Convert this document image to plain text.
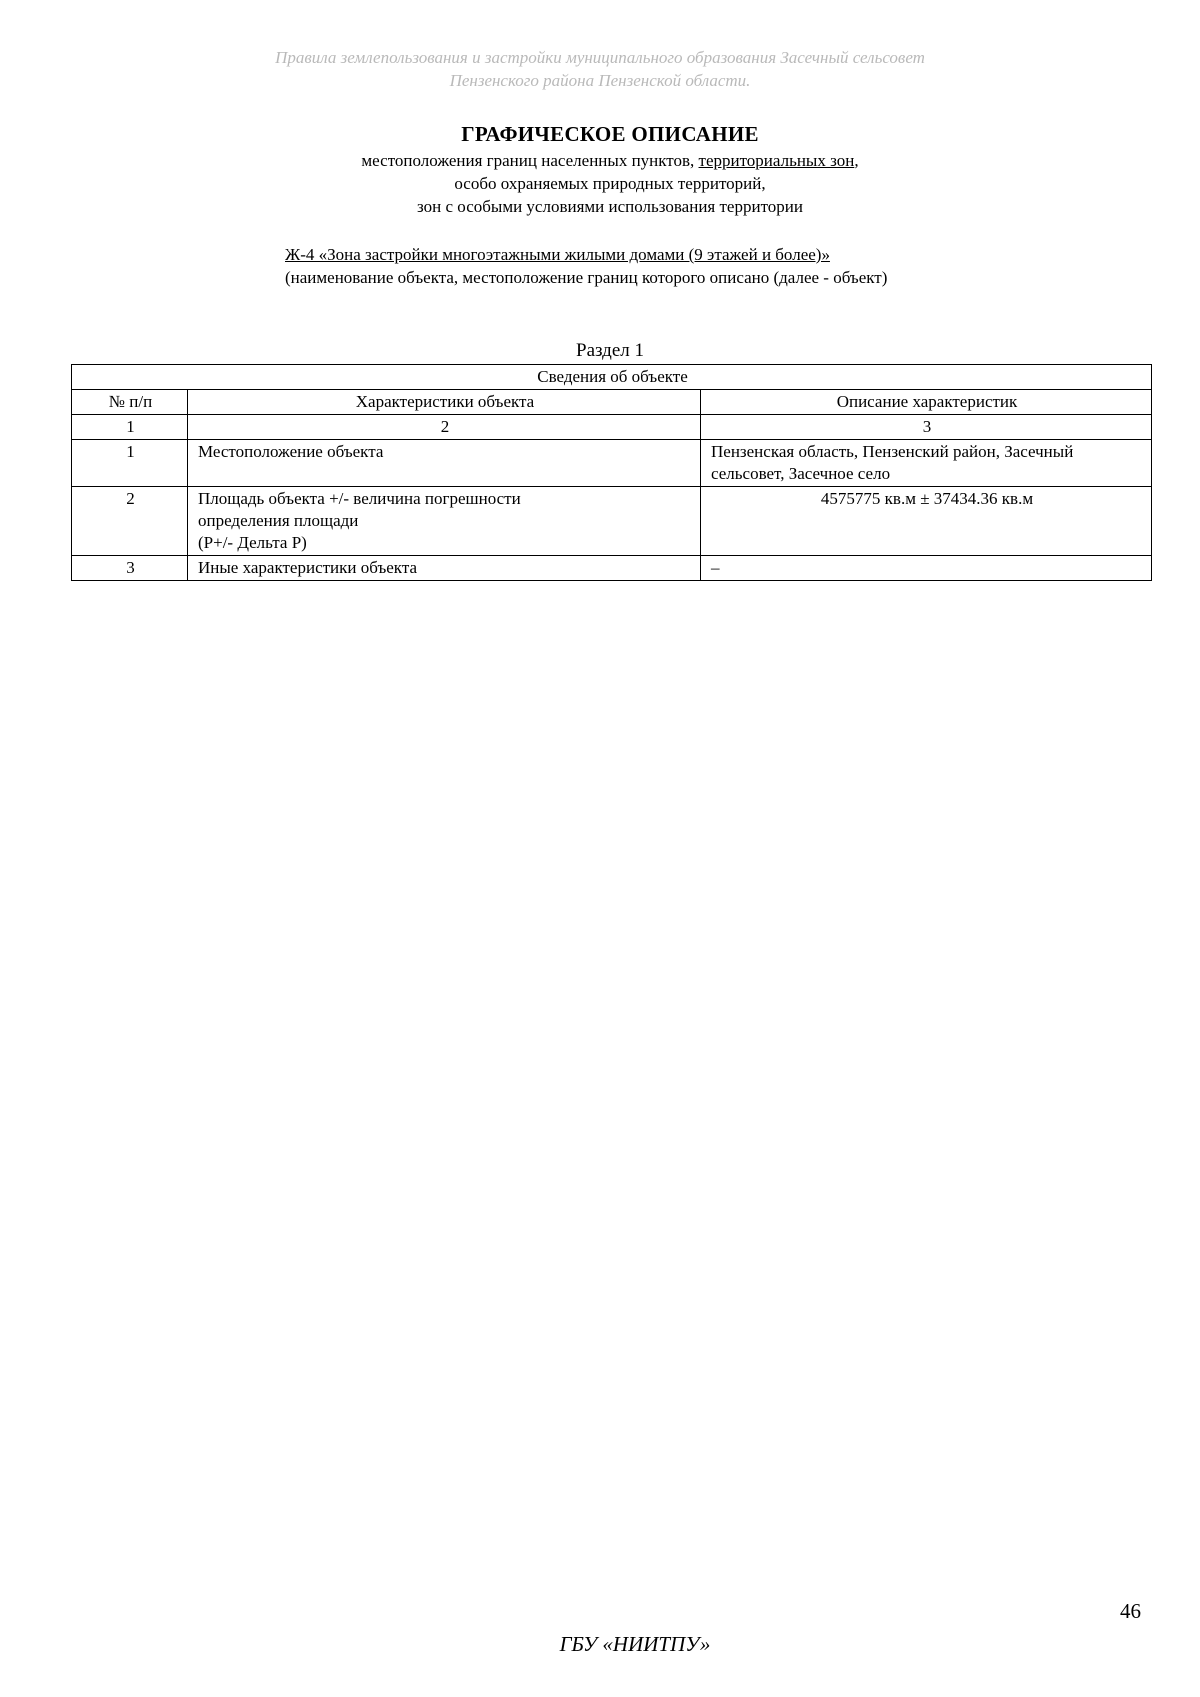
Правила землепользования и застройки муниципального образования Засечный сельсовет
Пензенского района Пензенской области.
ГРАФИЧЕСКОЕ ОПИСАНИЕ
местоположения границ населенных пунктов, территориальных зон,
особо охраняемых природных территорий,
зон с особыми условиями использования территории
Ж-4 «Зона застройки многоэтажными жилыми домами (9 этажей и более)»
(наименование объекта, местоположение границ которого описано (далее - объект)
Раздел 1
Сведения об объекте		
№ п/п	Характеристики объекта	Описание характеристик
1	2	3
1	Местоположение объекта	Пензенская область, Пензенский район, Засечный
сельсовет, Засечное село

2	Площадь объекта +/- величина погрешности
определения площади
(P+/- Дельта P)	4575775 кв.м ± 37434.36 кв.м

3	Иные характеристики объекта	–
46
ГБУ «НИИТПУ»
